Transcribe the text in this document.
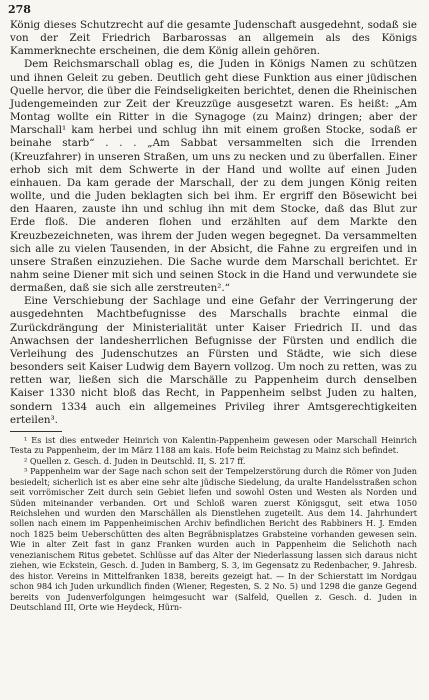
278

König dieses Schutzrecht auf die gesamte Judenschaft ausgedehnt, sodaß sie von der Zeit Friedrich Barbarossas an allgemein als des Königs Kammerknechte erscheinen, die dem König allein gehören.

Dem Reichsmarschall oblag es, die Juden in Königs Namen zu schützen und ihnen Geleit zu geben. Deutlich geht diese Funktion aus einer jüdischen Quelle hervor, die über die Feindseligkeiten berichtet, denen die Rheinischen Judengemeinden zur Zeit der Kreuzzüge ausgesetzt waren. Es heißt: „Am Montag wollte ein Ritter in die Synagoge (zu Mainz) dringen; aber der Marschall¹ kam herbei und schlug ihn mit einem großen Stocke, sodaß er beinahe starb“ . . . „Am Sabbat versammelten sich die Irrenden (Kreuzfahrer) in unseren Straßen, um uns zu necken und zu überfallen. Einer erhob sich mit dem Schwerte in der Hand und wollte auf einen Juden einhauen. Da kam gerade der Marschall, der zu dem jungen König reiten wollte, und die Juden beklagten sich bei ihm. Er ergriff den Bösewicht bei den Haaren, zauste ihn und schlug ihn mit dem Stocke, daß das Blut zur Erde floß. Die anderen flohen und erzählten auf dem Markte den Kreuzbezeichneten, was ihrem der Juden wegen begegnet. Da versammelten sich alle zu vielen Tausenden, in der Absicht, die Fahne zu ergreifen und in unsere Straßen einzuziehen. Die Sache wurde dem Marschall berichtet. Er nahm seine Diener mit sich und seinen Stock in die Hand und verwundete sie dermaßen, daß sie sich alle zerstreuten².“

Eine Verschiebung der Sachlage und eine Gefahr der Verringerung der ausgedehnten Machtbefugnisse des Marschalls brachte einmal die Zurückdrängung der Ministerialität unter Kaiser Friedrich II. und das Anwachsen der landesherrlichen Befugnisse der Fürsten und endlich die Verleihung des Judenschutzes an Fürsten und Städte, wie sich diese besonders seit Kaiser Ludwig dem Bayern vollzog. Um noch zu retten, was zu retten war, ließen sich die Marschälle zu Pappenheim durch denselben Kaiser 1330 nicht bloß das Recht, in Pappenheim selbst Juden zu halten, sondern 1334 auch ein allgemeines Privileg ihrer Amtsgerechtigkeiten erteilen³.

¹ Es ist dies entweder Heinrich von Kalentin-Pappenheim gewesen oder Marschall Heinrich Testa zu Pappenheim, der im März 1188 am kais. Hofe beim Reichstag zu Mainz sich befindet.

² Quellen z. Gesch. d. Juden in Deutschld. II, S. 217 ff.

³ Pappenheim war der Sage nach schon seit der Tempelzerstörung durch die Römer von Juden besiedelt; sicherlich ist es aber eine sehr alte jüdische Siedelung, da uralte Handelsstraßen schon seit vorrömischer Zeit durch sein Gebiet liefen und sowohl Osten und Westen als Norden und Süden miteinander verbanden. Ort und Schloß waren zuerst Königsgut, seit etwa 1050 Reichslehen und wurden den Marschällen als Dienstlehen zugeteilt. Aus dem 14. Jahrhundert sollen nach einem im Pappenheimischen Archiv befindlichen Bericht des Rabbiners H. J. Emden noch 1825 beim Ueberschütten des alten Begräbnisplatzes Grabsteine vorhanden gewesen sein. Wie in alter Zeit fast in ganz Franken wurden auch in Pappenheim die Selichoth nach venezianischem Ritus gebetet. Schlüsse auf das Alter der Niederlassung lassen sich daraus nicht ziehen, wie Eckstein, Gesch. d. Juden in Bamberg, S. 3, im Gegensatz zu Redenbacher, 9. Jahresb. des histor. Vereins in Mittelfranken 1838, bereits gezeigt hat. — In der Schierstatt im Nordgau schon 984 ich Juden urkundlich finden (Wiener, Regesten, S. 2 No. 5) und 1298 die ganze Gegend bereits von Judenverfolgungen heimgesucht war (Salfeld, Quellen z. Gesch. d. Juden in Deutschland III, Orte wie Heydeck, Hürn-
